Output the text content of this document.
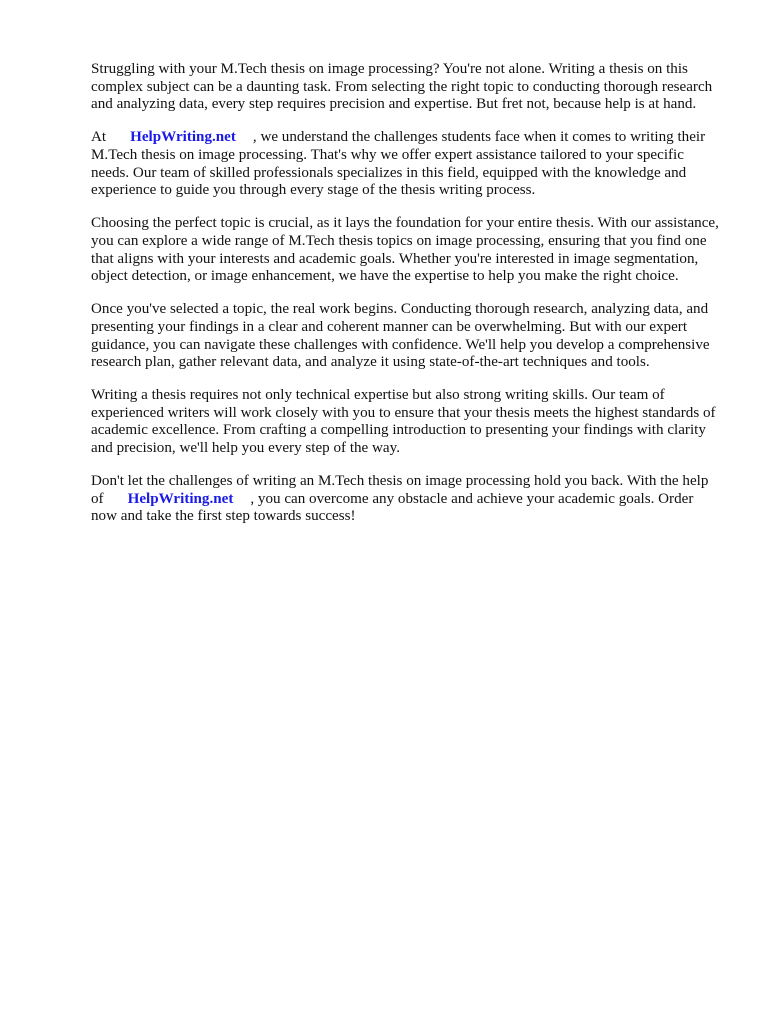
Struggling with your M.Tech thesis on image processing? You're not alone. Writing a thesis on this complex subject can be a daunting task. From selecting the right topic to conducting thorough research and analyzing data, every step requires precision and expertise. But fret not, because help is at hand.

At HelpWriting.net , we understand the challenges students face when it comes to writing their M.Tech thesis on image processing. That's why we offer expert assistance tailored to your specific needs. Our team of skilled professionals specializes in this field, equipped with the knowledge and experience to guide you through every stage of the thesis writing process.

Choosing the perfect topic is crucial, as it lays the foundation for your entire thesis. With our assistance, you can explore a wide range of M.Tech thesis topics on image processing, ensuring that you find one that aligns with your interests and academic goals. Whether you're interested in image segmentation, object detection, or image enhancement, we have the expertise to help you make the right choice.

Once you've selected a topic, the real work begins. Conducting thorough research, analyzing data, and presenting your findings in a clear and coherent manner can be overwhelming. But with our expert guidance, you can navigate these challenges with confidence. We'll help you develop a comprehensive research plan, gather relevant data, and analyze it using state-of-the-art techniques and tools.

Writing a thesis requires not only technical expertise but also strong writing skills. Our team of experienced writers will work closely with you to ensure that your thesis meets the highest standards of academic excellence. From crafting a compelling introduction to presenting your findings with clarity and precision, we'll help you every step of the way.

Don't let the challenges of writing an M.Tech thesis on image processing hold you back. With the help of HelpWriting.net , you can overcome any obstacle and achieve your academic goals. Order now and take the first step towards success!
